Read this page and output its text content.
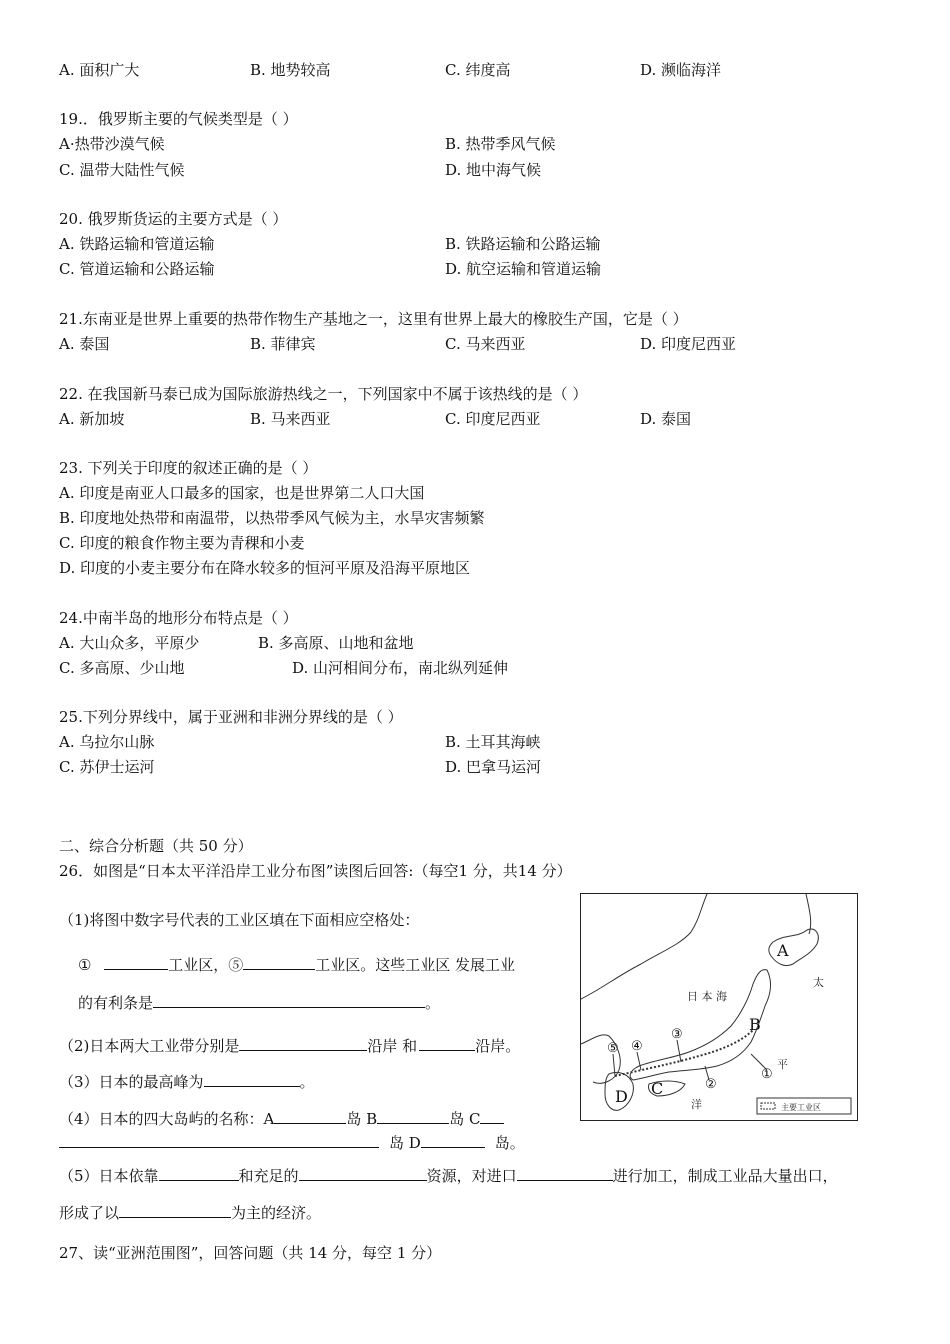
A. 面积广大	B. 地势较高	C. 纬度高	D. 濒临海洋
19.．俄罗斯主要的气候类型是（ ）
A·热带沙漠气候	B. 热带季风气候
C. 温带大陆性气候	D. 地中海气候
20. 俄罗斯货运的主要方式是（ ）
A. 铁路运输和管道运输	B. 铁路运输和公路运输
C. 管道运输和公路运输	D. 航空运输和管道运输
21.东南亚是世界上重要的热带作物生产基地之一，这里有世界上最大的橡胶生产国，它是（ ）
A. 泰国	B. 菲律宾	C. 马来西亚	D. 印度尼西亚
22. 在我国新马泰已成为国际旅游热线之一，下列国家中不属于该热线的是（ ）
A. 新加坡	B. 马来西亚	C. 印度尼西亚	D. 泰国
23. 下列关于印度的叙述正确的是（ ）
A. 印度是南亚人口最多的国家，也是世界第二人口大国
B. 印度地处热带和南温带，以热带季风气候为主，水旱灾害频繁
C. 印度的粮食作物主要为青稞和小麦
D. 印度的小麦主要分布在降水较多的恒河平原及沿海平原地区
24.中南半岛的地形分布特点是（ ）
A. 大山众多，平原少	B. 多高原、山地和盆地
C. 多高原、少山地	D. 山河相间分布，南北纵列延伸
25.下列分界线中，属于亚洲和非洲分界线的是（ ）
A. 乌拉尔山脉	B. 土耳其海峡
C. 苏伊士运河	D. 巴拿马运河
二、综合分析题（共 50 分）
26．如图是“日本太平洋沿岸工业分布图”读图后回答:（每空1 分，共14 分）
（1)将图中数字号代表的工业区填在下面相应空格处：
①	工业区，⑤	工业区。这些工业区 发展工业
的有利条是	。
（2)日本两大工业带分别是	沿岸 和	沿岸。
（3）日本的最高峰为	。
（4）日本的四大岛屿的名称：A	岛 B	岛 C
岛 D	岛。
（5）日本依靠	和充足的	资源，对进口	进行加工，制成工业品大量出口，
形成了以	为主的经济。
27、读“亚洲范围图”，回答问题（共 14 分，每空 1 分）
日 本 海
太
平
洋
A
B
C
D
①
②
③
④
⑤
主要工业区
